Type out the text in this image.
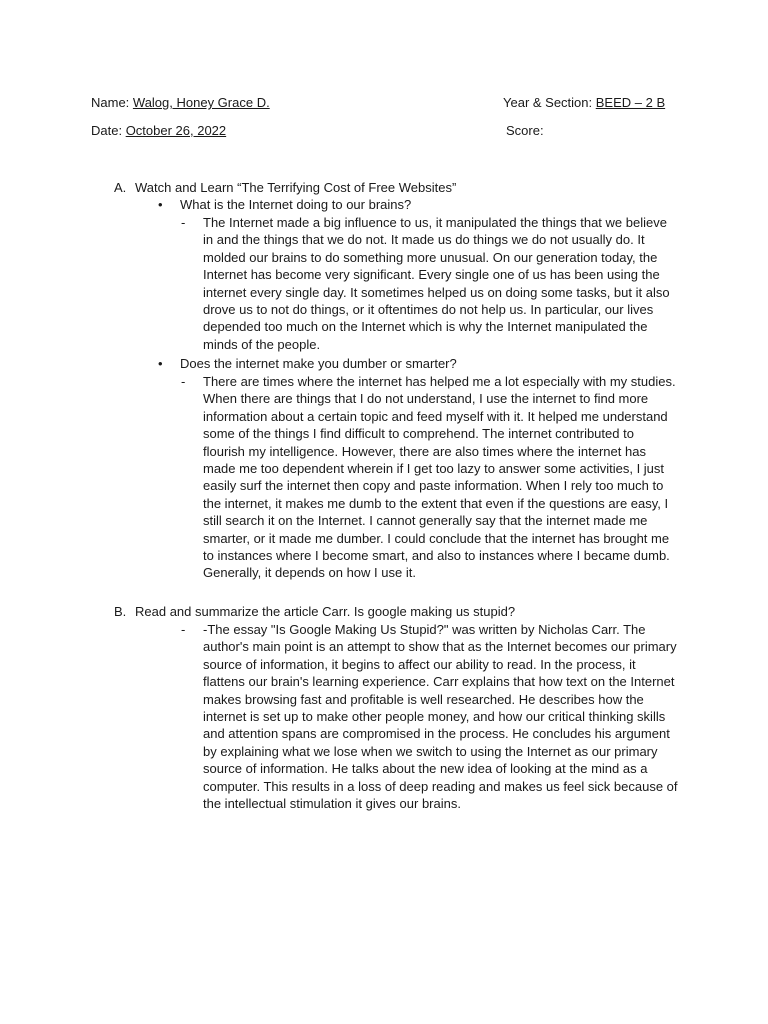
Name: Walog, Honey Grace D.	Year & Section: BEED – 2 B
Date: October 26, 2022	Score:
A. Watch and Learn “The Terrifying Cost of Free Websites”
• What is the Internet doing to our brains?
- The Internet made a big influence to us, it manipulated the things that we believe in and the things that we do not. It made us do things we do not usually do. It molded our brains to do something more unusual. On our generation today, the Internet has become very significant. Every single one of us has been using the internet every single day. It sometimes helped us on doing some tasks, but it also drove us to not do things, or it oftentimes do not help us. In particular, our lives depended too much on the Internet which is why the Internet manipulated the minds of the people.

• Does the internet make you dumber or smarter?
- There are times where the internet has helped me a lot especially with my studies. When there are things that I do not understand, I use the internet to find more information about a certain topic and feed myself with it. It helped me understand some of the things I find difficult to comprehend. The internet contributed to flourish my intelligence. However, there are also times where the internet has made me too dependent wherein if I get too lazy to answer some activities, I just easily surf the internet then copy and paste information. When I rely too much to the internet, it makes me dumb to the extent that even if the questions are easy, I still search it on the Internet. I cannot generally say that the internet made me smarter, or it made me dumber. I could conclude that the internet has brought me to instances where I become smart, and also to instances where I became dumb. Generally, it depends on how I use it.

B. Read and summarize the article Carr. Is google making us stupid?
- -The essay "Is Google Making Us Stupid?" was written by Nicholas Carr. The author's main point is an attempt to show that as the Internet becomes our primary source of information, it begins to affect our ability to read. In the process, it flattens our brain's learning experience. Carr explains that how text on the Internet makes browsing fast and profitable is well researched. He describes how the internet is set up to make other people money, and how our critical thinking skills and attention spans are compromised in the process. He concludes his argument by explaining what we lose when we switch to using the Internet as our primary source of information. He talks about the new idea of looking at the mind as a computer. This results in a loss of deep reading and makes us feel sick because of the intellectual stimulation it gives our brains.
